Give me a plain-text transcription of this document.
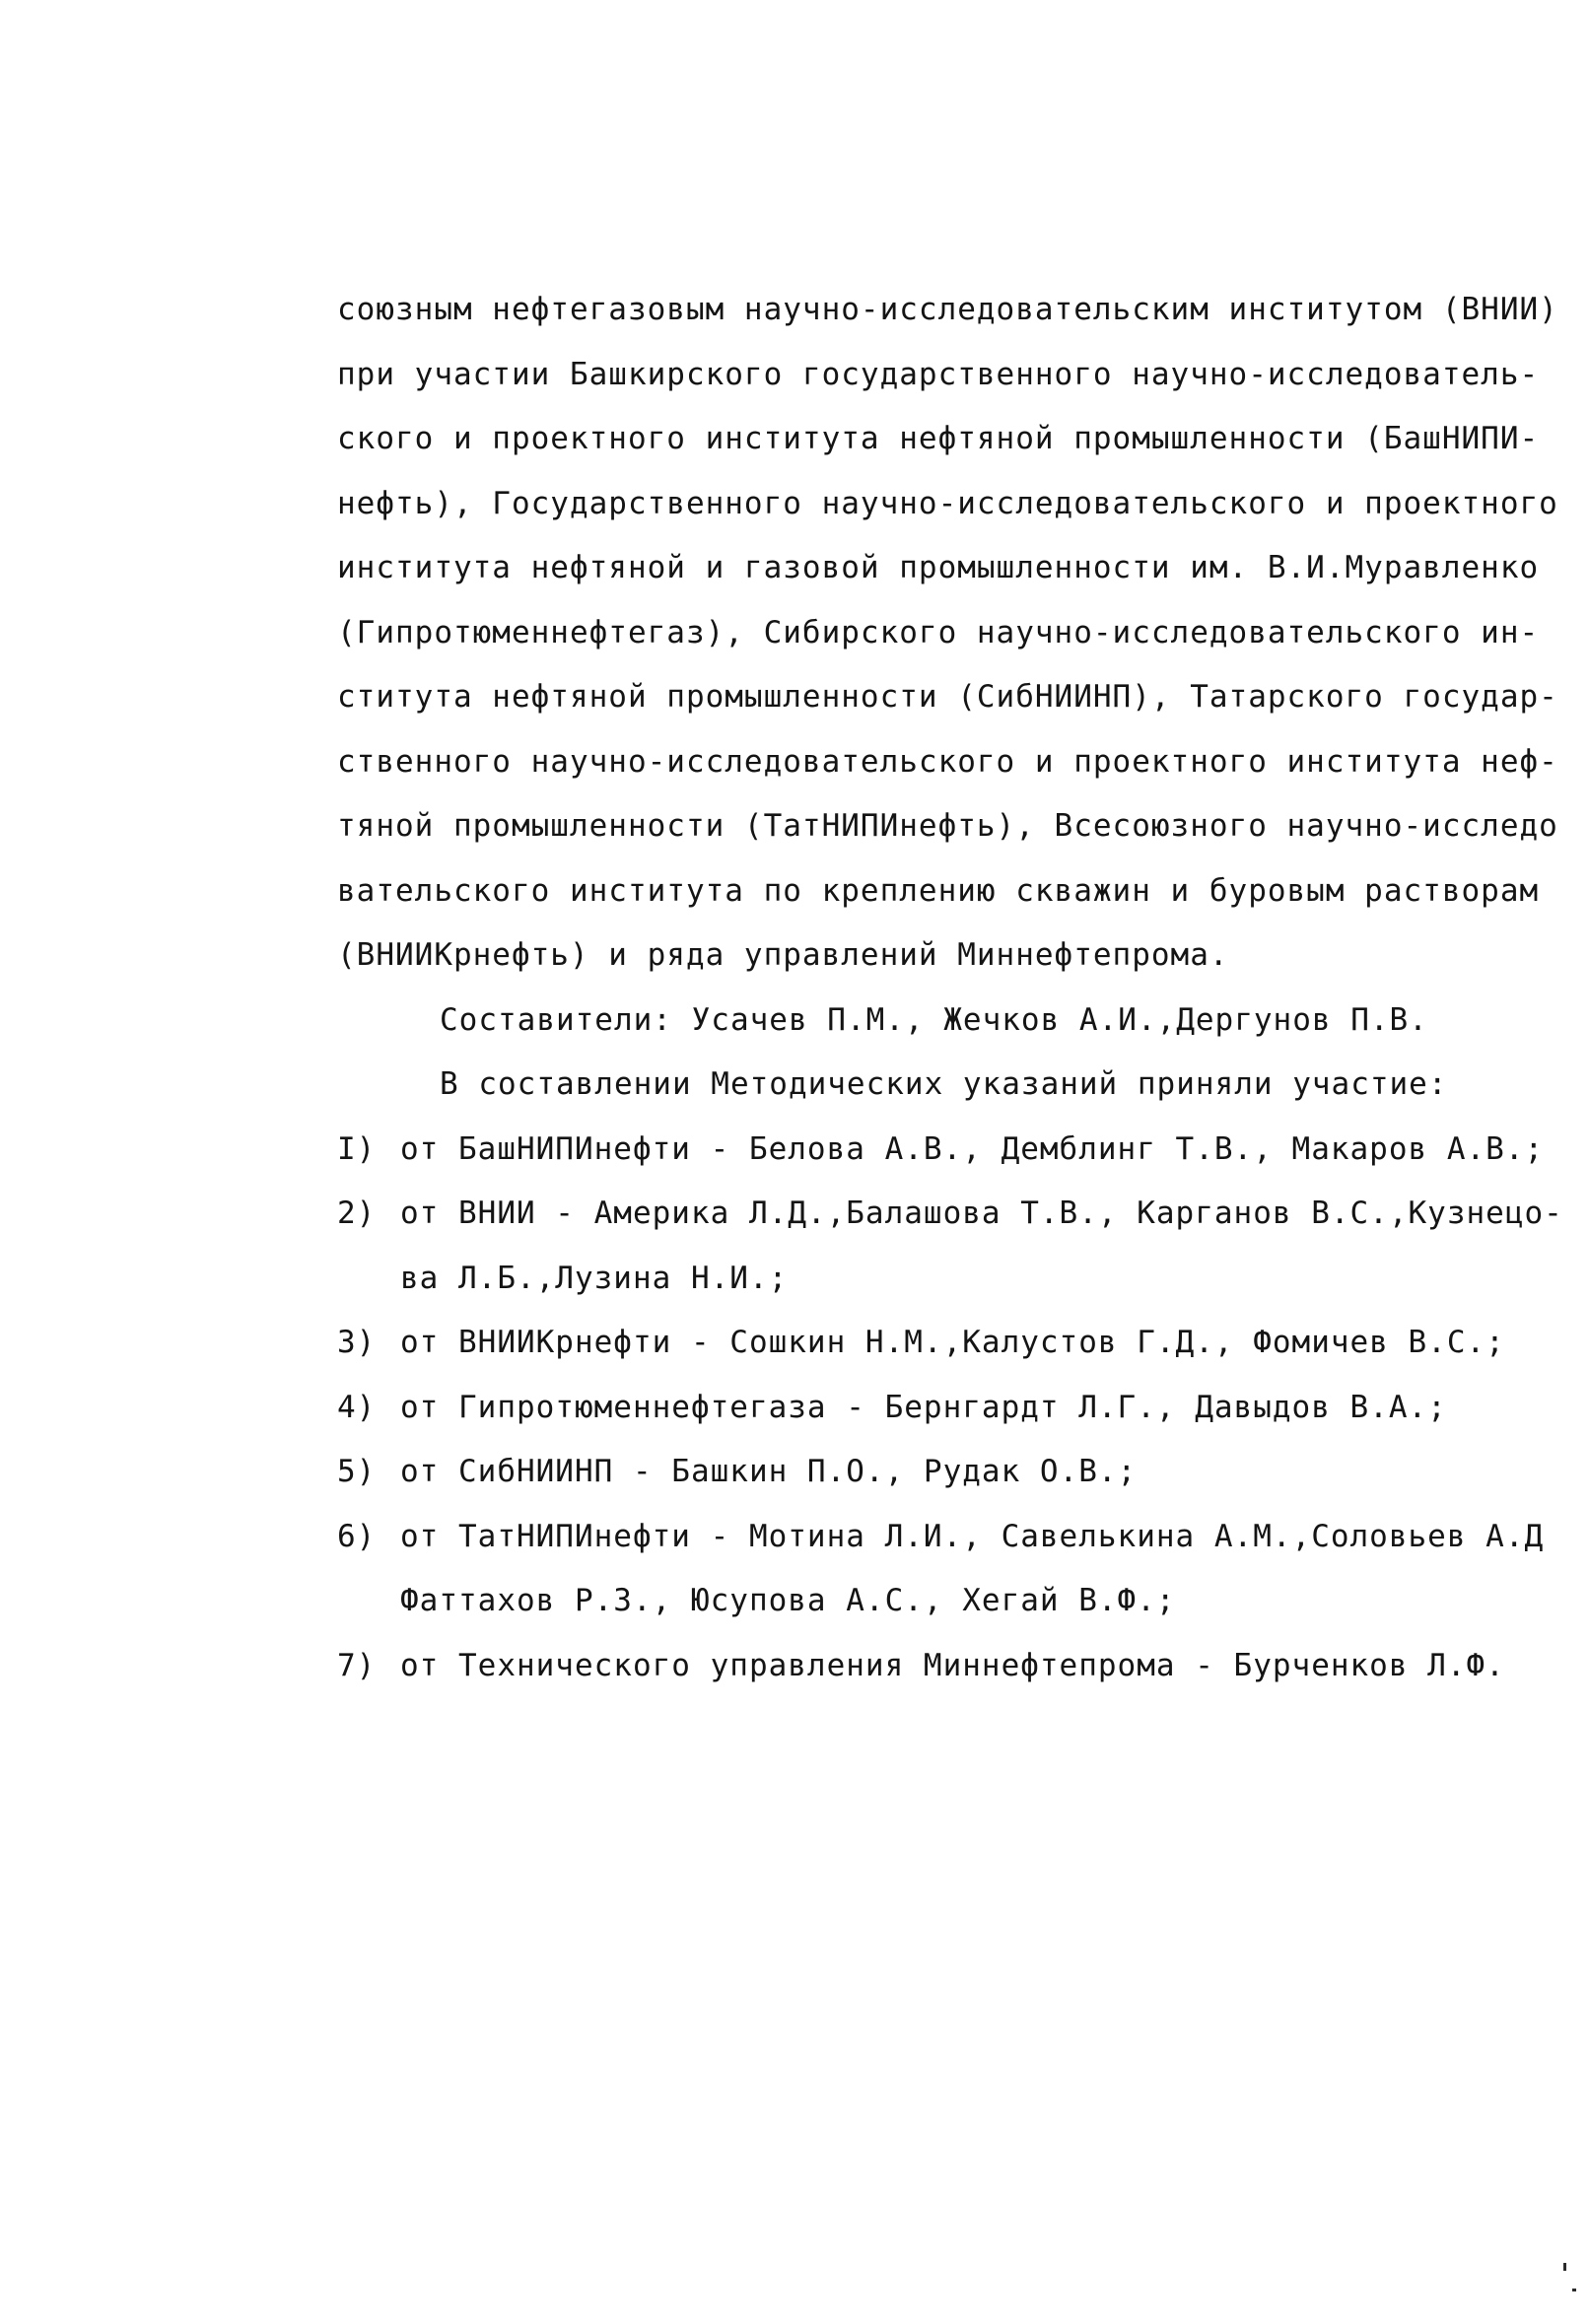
союзным нефтегазовым научно-исследовательским институтом (ВНИИ)
при участии Башкирского государственного научно-исследователь-
ского и проектного института нефтяной промышленности (БашНИПИ-
нефть), Государственного научно-исследовательского и проектного
института нефтяной и газовой промышленности им. В.И.Муравленко
(Гипротюменнефтегаз), Сибирского научно-исследовательского ин-
ститута нефтяной промышленности (СибНИИНП), Татарского государ-
ственного научно-исследовательского и проектного института неф-
тяной промышленности (ТатНИПИнефть), Всесоюзного научно-исследо
вательского института по креплению скважин и буровым растворам
(ВНИИКрнефть) и ряда управлений Миннефтепрома.
Составители: Усачев П.М., Жечков А.И.,Дергунов П.В.
В составлении Методических указаний приняли участие:
I) от БашНИПИнефти - Белова А.В., Демблинг Т.В., Макаров А.В.;
2) от ВНИИ - Америка Л.Д.,Балашова Т.В., Карганов В.С.,Кузнецо-
ва Л.Б.,Лузина Н.И.;
3) от ВНИИКрнефти - Сошкин Н.М.,Калустов Г.Д., Фомичев В.С.;
4) от Гипротюменнефтегаза - Бернгардт Л.Г., Давыдов В.А.;
5) от СибНИИНП - Башкин П.О., Рудак О.В.;
6) от ТатНИПИнефти - Мотина Л.И., Савелькина А.М.,Соловьев А.Д
Фаттахов Р.З., Юсупова А.С., Хегай В.Ф.;
7) от Технического управления Миннефтепрома - Бурченков Л.Ф.
